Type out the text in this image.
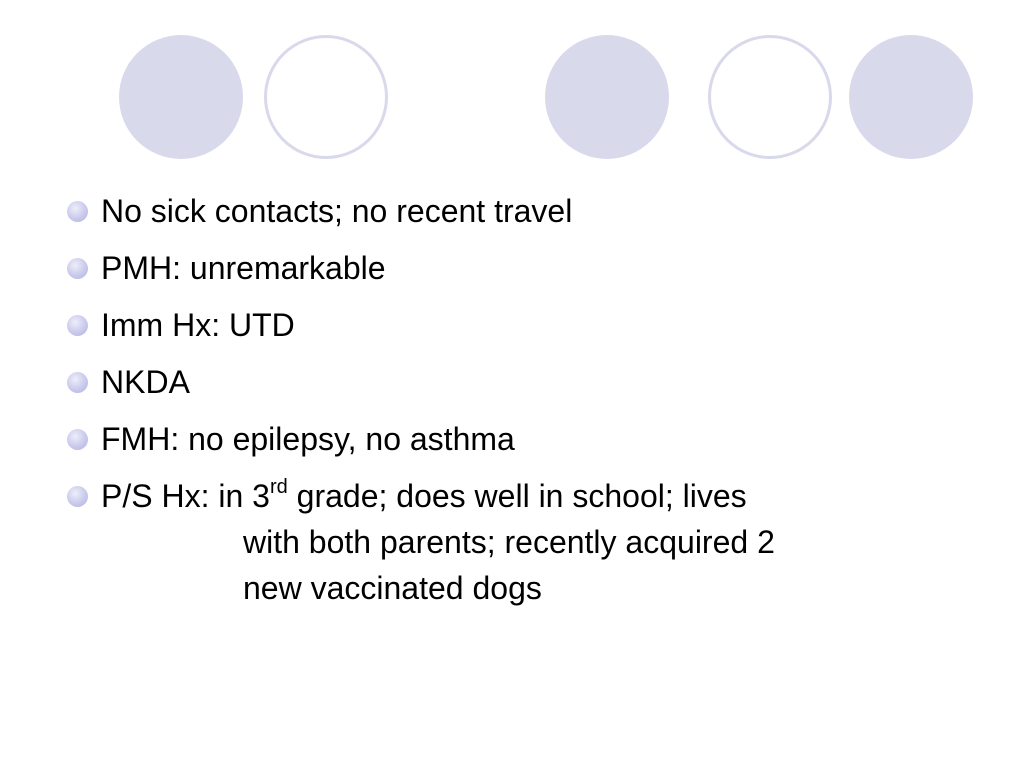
No sick contacts; no recent travel
PMH: unremarkable
Imm Hx: UTD
NKDA
FMH: no epilepsy, no asthma
P/S Hx: in 3rd grade; does well in school; lives
with both parents; recently acquired 2
new vaccinated dogs
